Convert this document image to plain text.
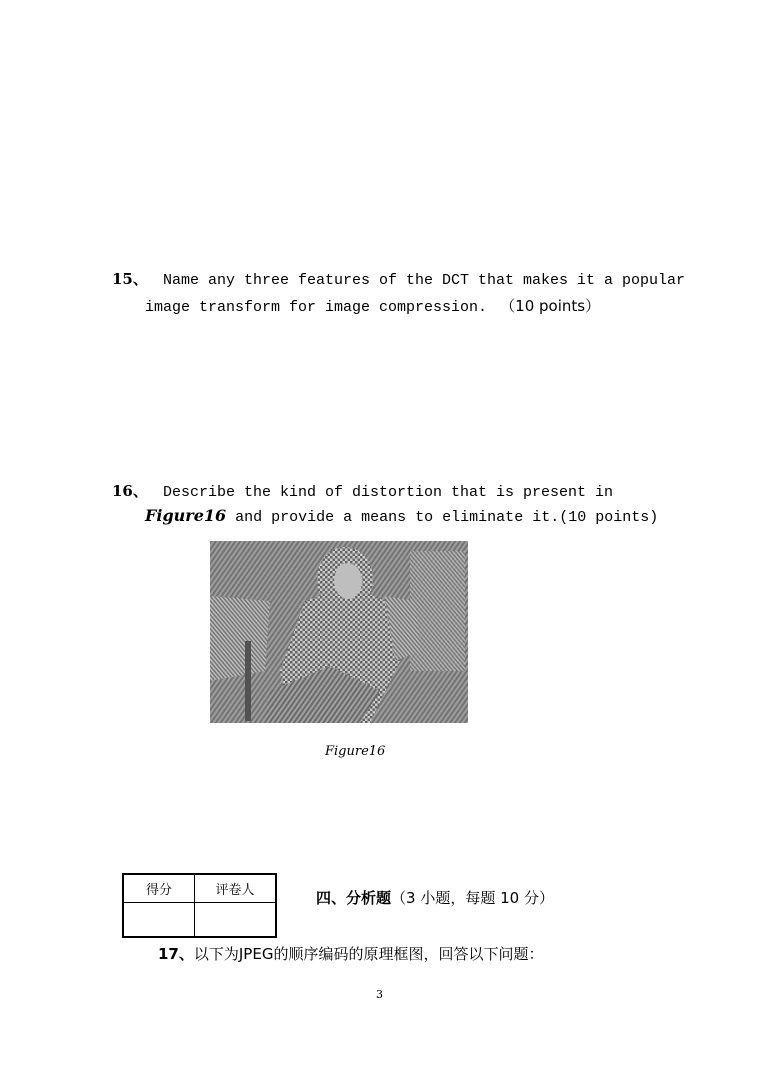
15、 Name any three features of the DCT that makes it a popular
image transform for image compression. （10 points）
16、 Describe the kind of distortion that is present in
Figure16 and provide a means to eliminate it.(10 points)
Figure16
得分	评卷人
		四、分析题（3 小题，每题 10 分）
17、以下为JPEG的顺序编码的原理框图，回答以下问题：
3
